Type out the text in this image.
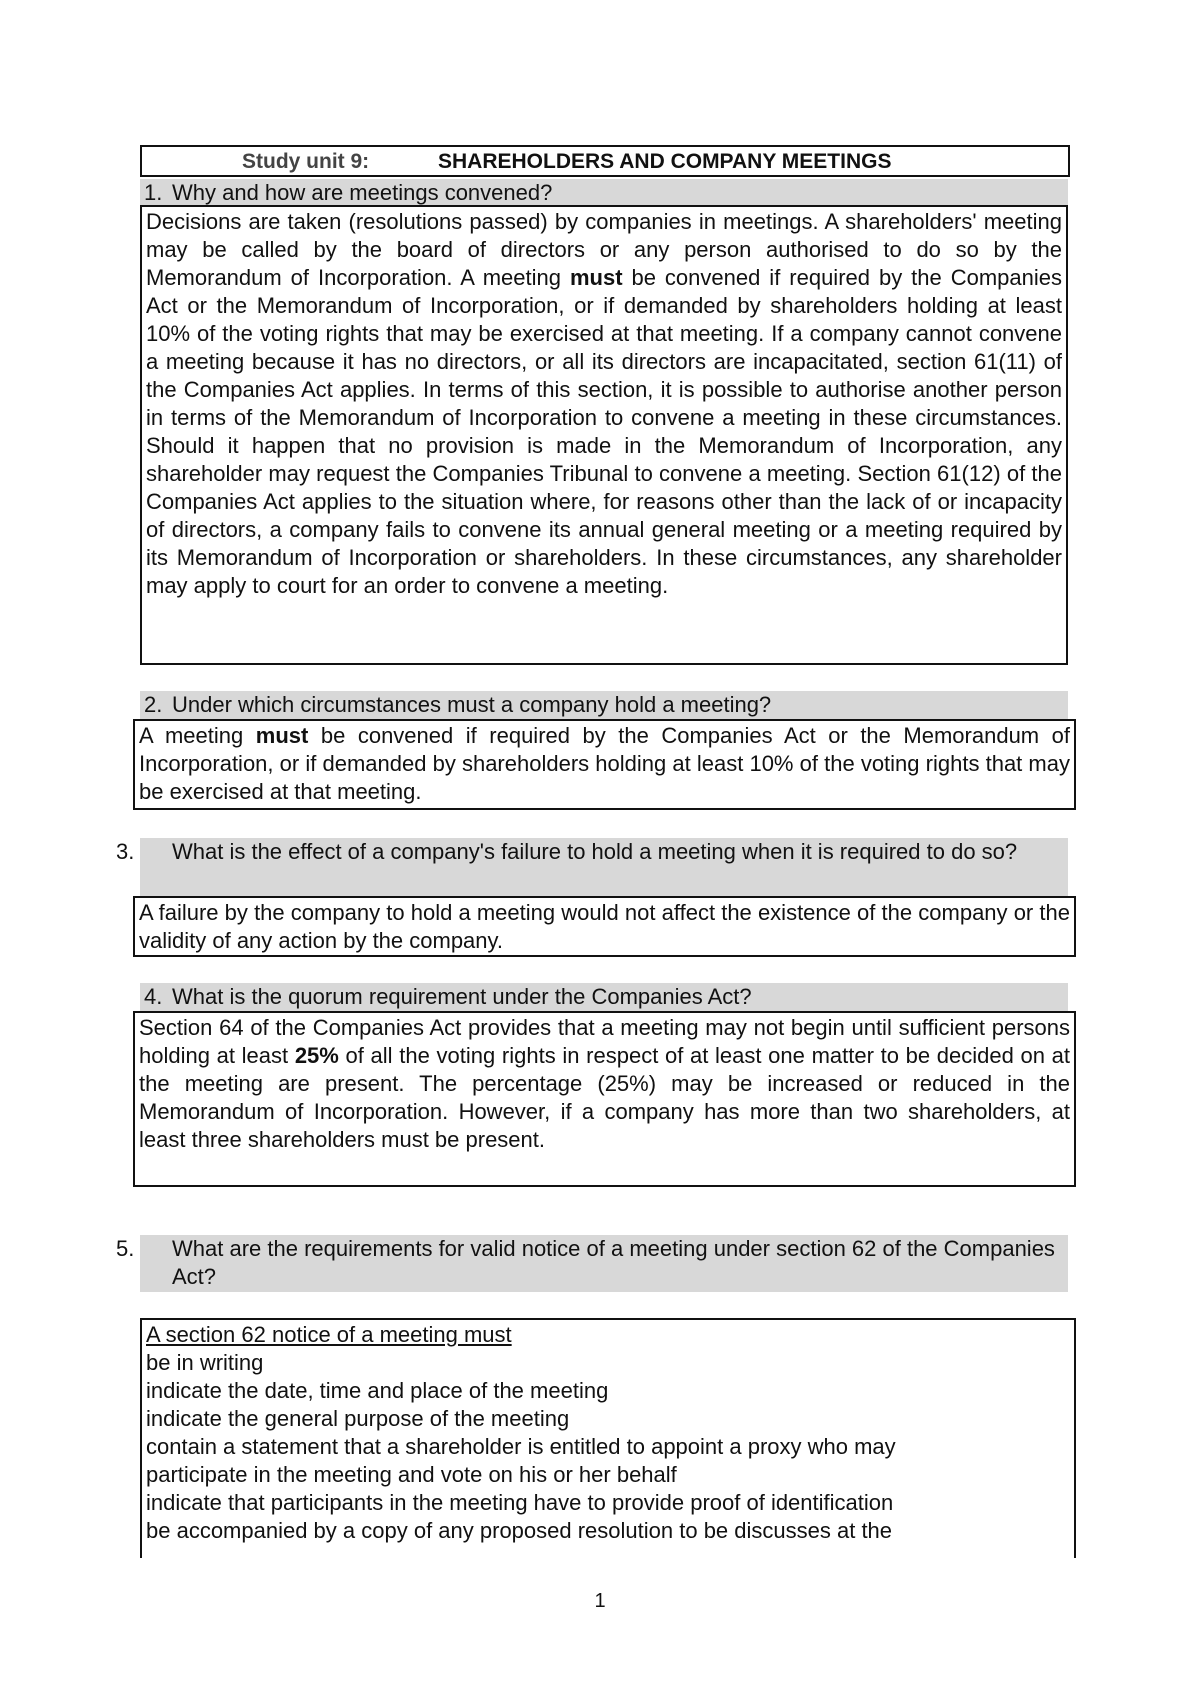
Study unit 9:	SHAREHOLDERS AND COMPANY MEETINGS
1. Why and how are meetings convened?
Decisions are taken (resolutions passed) by companies in meetings. A shareholders' meeting may be called by the board of directors or any person authorised to do so by the Memorandum of Incorporation. A meeting must be convened if required by the Companies Act or the Memorandum of Incorporation, or if demanded by shareholders holding at least 10% of the voting rights that may be exercised at that meeting. If a company cannot convene a meeting because it has no directors, or all its directors are incapacitated, section 61(11) of the Companies Act applies. In terms of this section, it is possible to authorise another person in terms of the Memorandum of Incorporation to convene a meeting in these circumstances. Should it happen that no provision is made in the Memorandum of Incorporation, any shareholder may request the Companies Tribunal to convene a meeting. Section 61(12) of the Companies Act applies to the situation where, for reasons other than the lack of or incapacity of directors, a company fails to convene its annual general meeting or a meeting required by its Memorandum of Incorporation or shareholders. In these circumstances, any shareholder may apply to court for an order to convene a meeting.
2. Under which circumstances must a company hold a meeting?
A meeting must be convened if required by the Companies Act or the Memorandum of Incorporation, or if demanded by shareholders holding at least 10% of the voting rights that may be exercised at that meeting.
3. What is the effect of a company's failure to hold a meeting when it is required to do so?
A failure by the company to hold a meeting would not affect the existence of the company or the validity of any action by the company.
4. What is the quorum requirement under the Companies Act?
Section 64 of the Companies Act provides that a meeting may not begin until sufficient persons holding at least 25% of all the voting rights in respect of at least one matter to be decided on at the meeting are present. The percentage (25%) may be increased or reduced in the Memorandum of Incorporation. However, if a company has more than two shareholders, at least three shareholders must be present.
5. What are the requirements for valid notice of a meeting under section 62 of the Companies Act?
A section 62 notice of a meeting must
be in writing
indicate the date, time and place of the meeting
indicate the general purpose of the meeting
contain a statement that a shareholder is entitled to appoint a proxy who may participate in the meeting and vote on his or her behalf
indicate that participants in the meeting have to provide proof of identification
be accompanied by a copy of any proposed resolution to be discusses at the
1
